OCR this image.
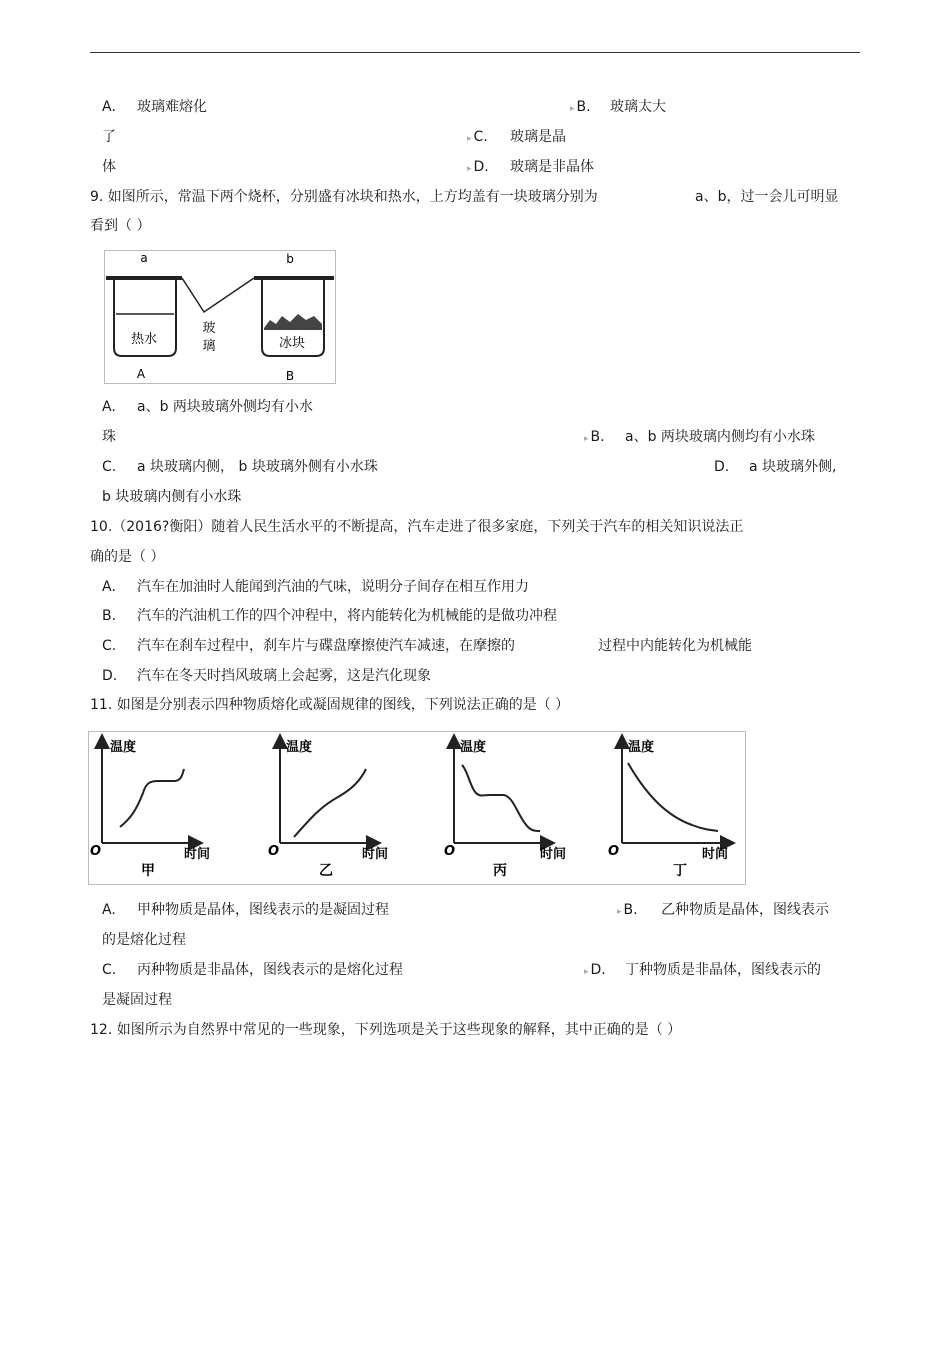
A. 玻璃难熔化	▸ B. 玻璃太大
了	▸ C. 玻璃是晶
体	▸ D. 玻璃是非晶体
9. 如图所示，常温下两个烧杯，分别盛有冰块和热水，上方均盖有一块玻璃分别为	a、b，过一会儿可明显
看到（ ）
a	b
热水
玻
璃	冰块
A	B
A. a、b 两块玻璃外侧均有小水
珠	▸ B. a、b 两块玻璃内侧均有小水珠
C. a 块玻璃内侧， b 块玻璃外侧有小水珠	D. a 块玻璃外侧,
b 块玻璃内侧有小水珠
10.（2016?衡阳）随着人民生活水平的不断提高，汽车走进了很多家庭，下列关于汽车的相关知识说法正
确的是（ ）
A. 汽车在加油时人能闻到汽油的气味，说明分子间存在相互作用力
B. 汽车的汽油机工作的四个冲程中，将内能转化为机械能的是做功冲程
C. 汽车在刹车过程中，刹车片与碟盘摩擦使汽车减速，在摩擦的	过程中内能转化为机械能
D. 汽车在冬天时挡风玻璃上会起雾，这是汽化现象
11. 如图是分别表示四种物质熔化或凝固规律的图线，下列说法正确的是（ ）
温度
时间
O
甲
温度
时间
O
乙
温度
时间
O
丙
温度
时间
O
丁
A. 甲种物质是晶体，图线表示的是凝固过程	▸ B. 乙种物质是晶体，图线表示
的是熔化过程
C. 丙种物质是非晶体，图线表示的是熔化过程	▸ D. 丁种物质是非晶体，图线表示的
是凝固过程
12. 如图所示为自然界中常见的一些现象，下列选项是关于这些现象的解释，其中正确的是（ ）
